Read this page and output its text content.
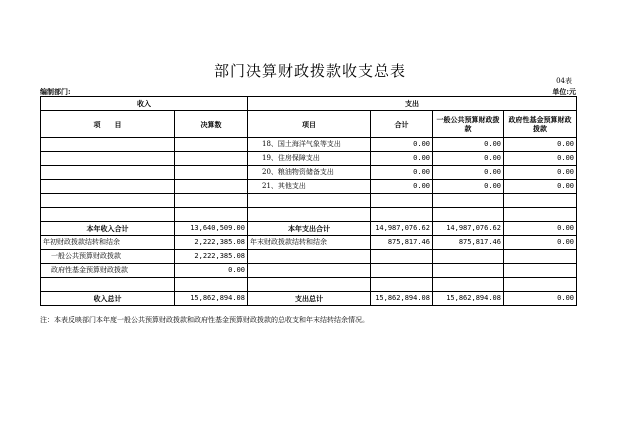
部门决算财政拨款收支总表
04表
编制部门:	单位:元
收入		支出			
项　　目	决算数	项目	合计	一般公共预算财政拨款	政府性基金预算财政拨款
		18、国土海洋气象等支出	0.00	0.00	0.00
		19、住房保障支出	0.00	0.00	0.00
		20、粮油物资储备支出	0.00	0.00	0.00
		21、其他支出	0.00	0.00	0.00

本年收入合计	13,640,509.00	本年支出合计	14,987,076.62	14,987,076.62	0.00
年初财政拨款结转和结余	2,222,385.08	年末财政拨款结转和结余	875,817.46	875,817.46	0.00
一般公共预算财政拨款	2,222,385.08				
政府性基金预算财政拨款	0.00				

收入总计	15,862,894.08	支出总计	15,862,894.08	15,862,894.08	0.00
注：本表反映部门本年度一般公共预算财政拨款和政府性基金预算财政拨款的总收支和年末结转结余情况。
